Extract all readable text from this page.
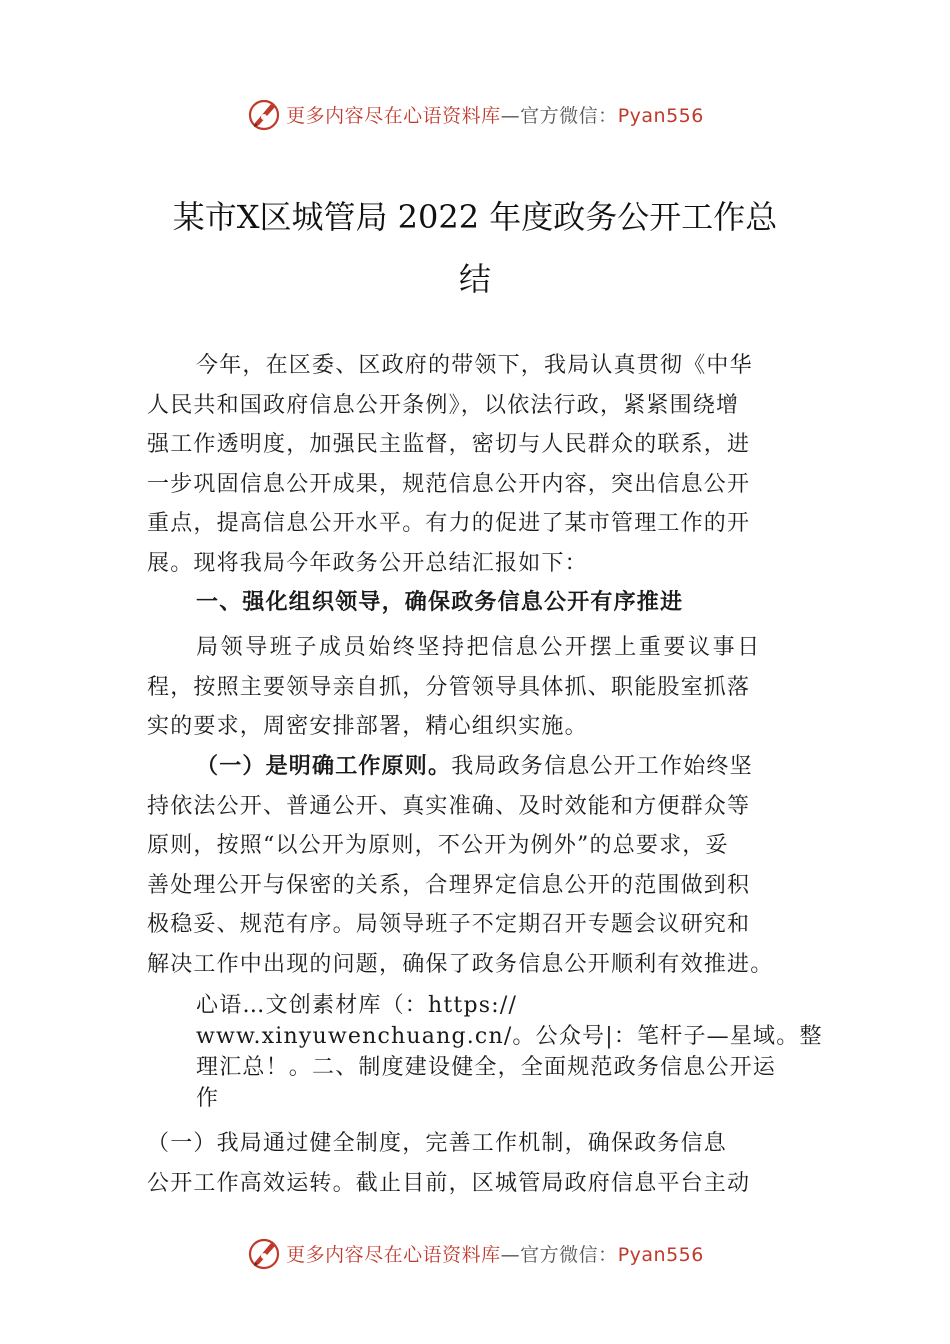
更多内容尽在心语资料库—官方微信：Pyan556
某市Ⅹ区城管局 2022 年度政务公开工作总
结
今年，在区委、区政府的带领下，我局认真贯彻《中华
人民共和国政府信息公开条例》，以依法行政，紧紧围绕增
强工作透明度，加强民主监督，密切与人民群众的联系，进
一步巩固信息公开成果，规范信息公开内容，突出信息公开
重点，提高信息公开水平。有力的促进了某市管理工作的开
展。现将我局今年政务公开总结汇报如下：
一、强化组织领导，确保政务信息公开有序推进
局领导班子成员始终坚持把信息公开摆上重要议事日
程，按照主要领导亲自抓，分管领导具体抓、职能股室抓落
实的要求，周密安排部署，精心组织实施。
（一）是明确工作原则。我局政务信息公开工作始终坚
持依法公开、普通公开、真实准确、及时效能和方便群众等
原则，按照“以公开为原则，不公开为例外”的总要求，妥
善处理公开与保密的关系，合理界定信息公开的范围做到积
极稳妥、规范有序。局领导班子不定期召开专题会议研究和
解决工作中出现的问题，确保了政务信息公开顺利有效推进。
心语…文创素材库（：https://
www.xinyuwenchuang.cn/。公众号|：笔杆子—星域。整
理汇总！。二、制度建设健全，全面规范政务信息公开运
作
（一）我局通过健全制度，完善工作机制，确保政务信息
公开工作高效运转。截止目前，区城管局政府信息平台主动
更多内容尽在心语资料库—官方微信：Pyan556
